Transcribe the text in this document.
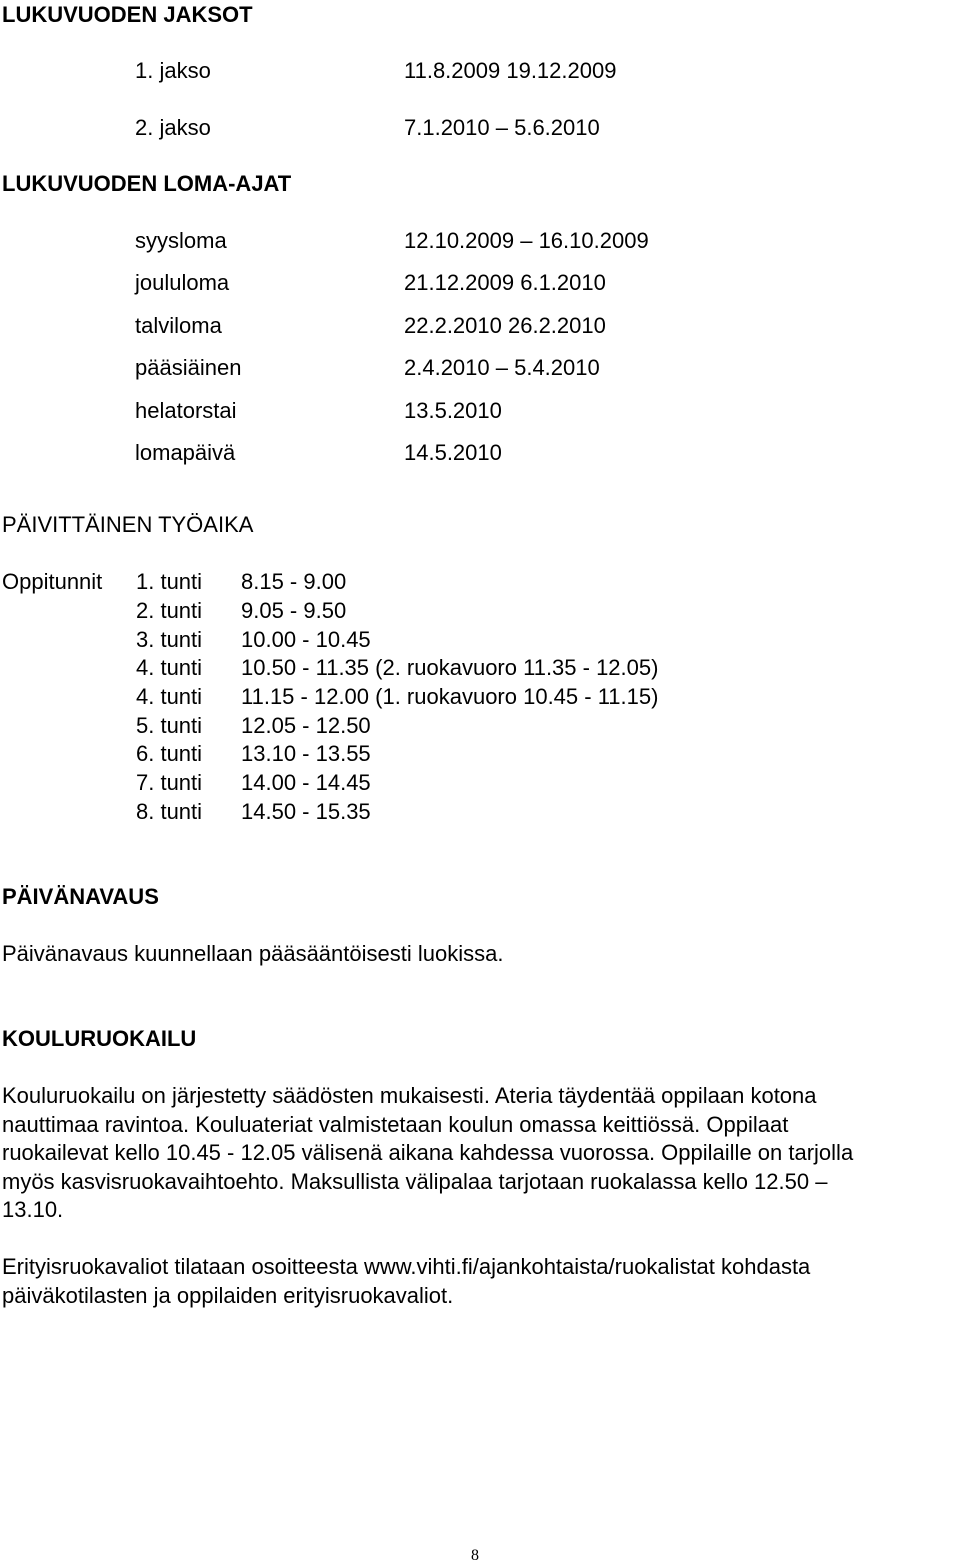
LUKUVUODEN JAKSOT
1. jakso	11.8.2009 19.12.2009
2. jakso	7.1.2010 – 5.6.2010
LUKUVUODEN LOMA-AJAT
syysloma	12.10.2009 – 16.10.2009
joululoma	21.12.2009 6.1.2010
talviloma	22.2.2010 26.2.2010
pääsiäinen	2.4.2010 – 5.4.2010
helatorstai	13.5.2010
lomapäivä	14.5.2010
PÄIVITTÄINEN TYÖAIKA
Oppitunnit 1. tunti 8.15 - 9.00
2. tunti 9.05 - 9.50
3. tunti 10.00 - 10.45
4. tunti 10.50 - 11.35 (2. ruokavuoro 11.35 - 12.05)
4. tunti 11.15 - 12.00 (1. ruokavuoro 10.45 - 11.15)
5. tunti 12.05 - 12.50
6. tunti 13.10 - 13.55
7. tunti 14.00 - 14.45
8. tunti 14.50 - 15.35
PÄIVÄNAVAUS
Päivänavaus kuunnellaan pääsääntöisesti luokissa.
KOULURUOKAILU
Kouluruokailu on järjestetty säädösten mukaisesti. Ateria täydentää oppilaan kotona
nauttimaa ravintoa. Kouluateriat valmistetaan koulun omassa keittiössä. Oppilaat
ruokailevat kello 10.45 - 12.05 välisenä aikana kahdessa vuorossa. Oppilaille on tarjolla
myös kasvisruokavaihtoehto. Maksullista välipalaa tarjotaan ruokalassa kello 12.50 –
13.10.
Erityisruokavaliot tilataan osoitteesta www.vihti.fi/ajankohtaista/ruokalistat kohdasta
päiväkotilasten ja oppilaiden erityisruokavaliot.
8
